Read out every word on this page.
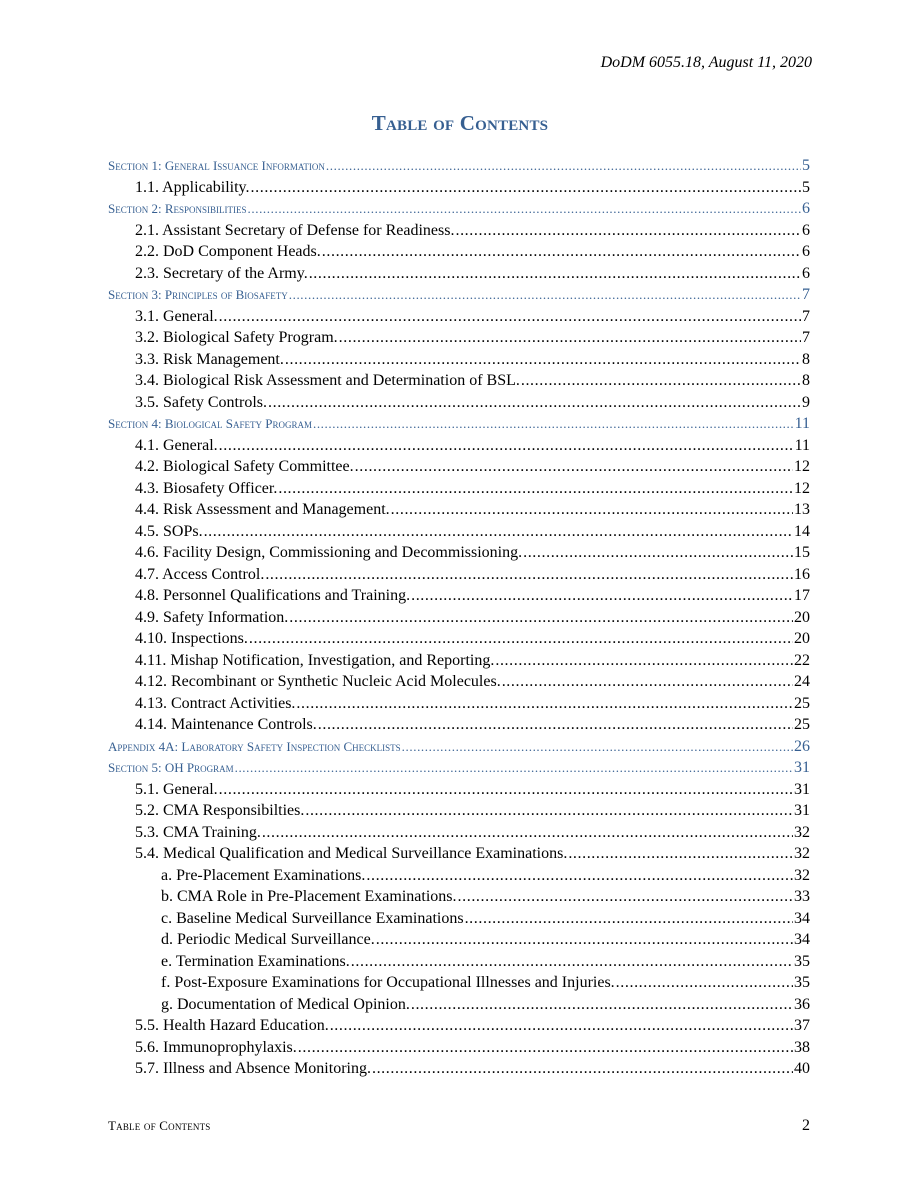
DoDM 6055.18, August 11, 2020
Table of Contents
Section 1: General Issuance Information .....	5
1.1. Applicability. .....	5
Section 2: Responsibilities .....	6
2.1. Assistant Secretary of Defense for Readiness. .....	6
2.2. DoD Component Heads. .....	6
2.3. Secretary of the Army. .....	6
Section 3: Principles of Biosafety .....	7
3.1. General. .....	7
3.2. Biological Safety Program. .....	7
3.3. Risk Management. .....	8
3.4. Biological Risk Assessment and Determination of BSL. .....	8
3.5. Safety Controls. .....	9
Section 4: Biological Safety Program .....	11
4.1. General. .....	11
4.2. Biological Safety Committee. .....	12
4.3. Biosafety Officer. .....	12
4.4. Risk Assessment and Management. .....	13
4.5. SOPs. .....	14
4.6. Facility Design, Commissioning and Decommissioning. .....	15
4.7. Access Control. .....	16
4.8. Personnel Qualifications and Training. .....	17
4.9. Safety Information. .....	20
4.10. Inspections. .....	20
4.11. Mishap Notification, Investigation, and Reporting. .....	22
4.12. Recombinant or Synthetic Nucleic Acid Molecules. .....	24
4.13. Contract Activities. .....	25
4.14. Maintenance Controls. .....	25
Appendix 4A: Laboratory Safety Inspection Checklists .....	26
Section 5: OH Program .....	31
5.1. General. .....	31
5.2. CMA Responsibilties. .....	31
5.3. CMA Training. .....	32
5.4. Medical Qualification and Medical Surveillance Examinations. .....	32
a. Pre-Placement Examinations. .....	32
b. CMA Role in Pre-Placement Examinations. .....	33
c. Baseline Medical Surveillance Examinations .....	34
d. Periodic Medical Surveillance. .....	34
e. Termination Examinations. .....	35
f. Post-Exposure Examinations for Occupational Illnesses and Injuries. .....	35
g. Documentation of Medical Opinion. .....	36
5.5. Health Hazard Education. .....	37
5.6. Immunoprophylaxis. .....	38
5.7. Illness and Absence Monitoring. .....	40
Table of Contents	2
